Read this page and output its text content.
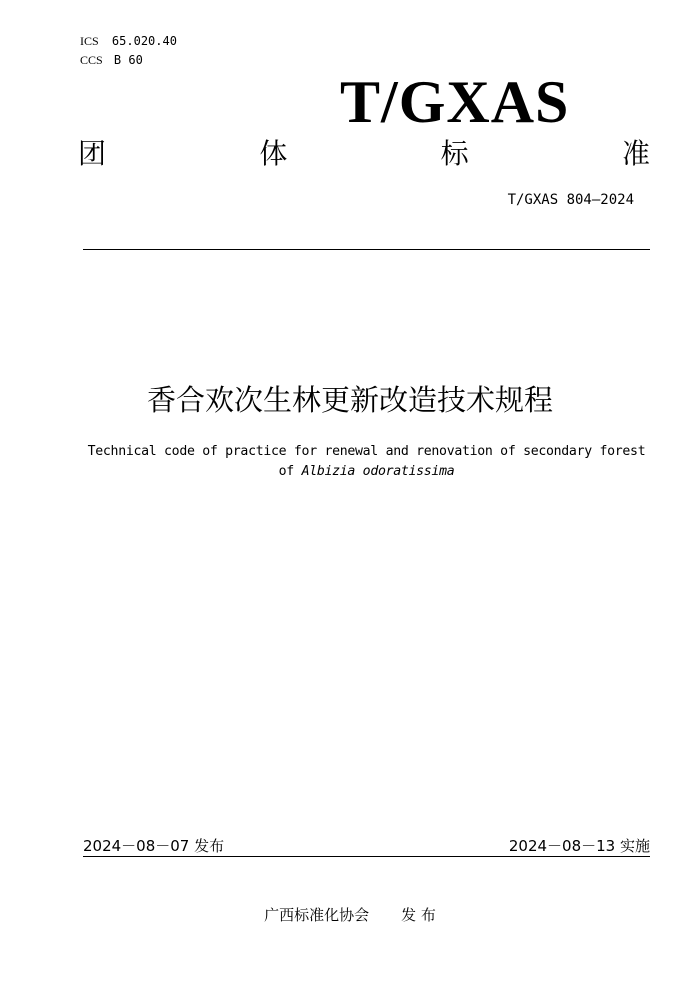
ICS 65.020.40
CCS B 60
T/GXAS
团	体	标	准
T/GXAS 804—2024
香合欢次生林更新改造技术规程
Technical code of practice for renewal and renovation of secondary forest
of Albizia odoratissima
2024－08－07 发布	2024－08－13 实施
广西标准化协会 发 布
